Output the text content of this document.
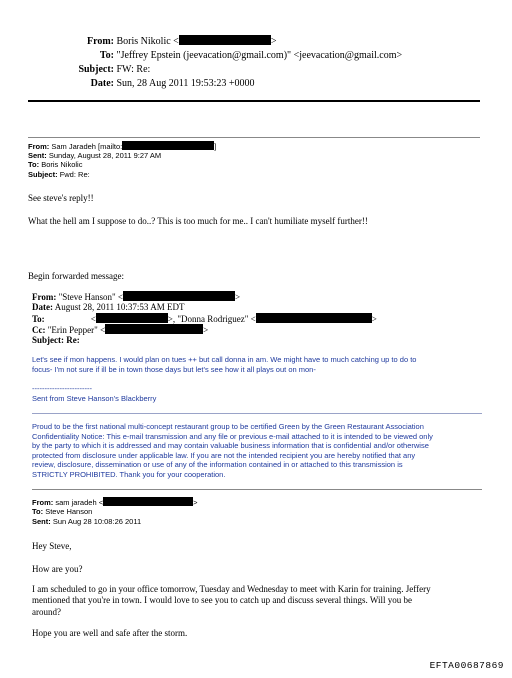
From: Boris Nikolic <	>
To: "Jeffrey Epstein (jeevacation@gmail.com)" <jeevacation@gmail.com>
Subject: FW: Re:
Date: Sun, 28 Aug 2011 19:53:23 +0000
From: Sam Jaradeh [mailto:	]
Sent: Sunday, August 28, 2011 9:27 AM
To: Boris Nikolic
Subject: Fwd: Re:
See steve's reply!!
What the hell am I suppose to do..? This is too much for me.. I can't humiliate myself further!!
Begin forwarded message:
From: "Steve Hanson" <	>
Date: August 28, 2011 10:37:53 AM EDT
To:	<	>, "Donna Rodriguez" <	>
Cc: "Erin Pepper" <	>
Subject: Re:
Let's see if mon happens. I would plan on tues ++ but call donna in am. We might have to much catching up to do to
focus- I'm not sure if ill be in town those days but let's see how it all plays out on mon-
------------------------
Sent from Steve Hanson's Blackberry
Proud to be the first national multi-concept restaurant group to be certified Green by the Green Restaurant Association
Confidentiality Notice: This e-mail transmission and any file or previous e-mail attached to it is intended to be viewed only
by the party to which it is addressed and may contain valuable business information that is confidential and/or otherwise
protected from disclosure under applicable law. If you are not the intended recipient you are hereby notified that any
review, disclosure, dissemination or use of any of the information contained in or attached to this transmission is
STRICTLY PROHIBITED. Thank you for your cooperation.
From: sam jaradeh <	>
To: Steve Hanson
Sent: Sun Aug 28 10:08:26 2011
Hey Steve,
How are you?
I am scheduled to go in your office tomorrow, Tuesday and Wednesday to meet with Karin for training. Jeffery
mentioned that you're in town. I would love to see you to catch up and discuss several things. Will you be
around?
Hope you are well and safe after the storm.
EFTA00687869
